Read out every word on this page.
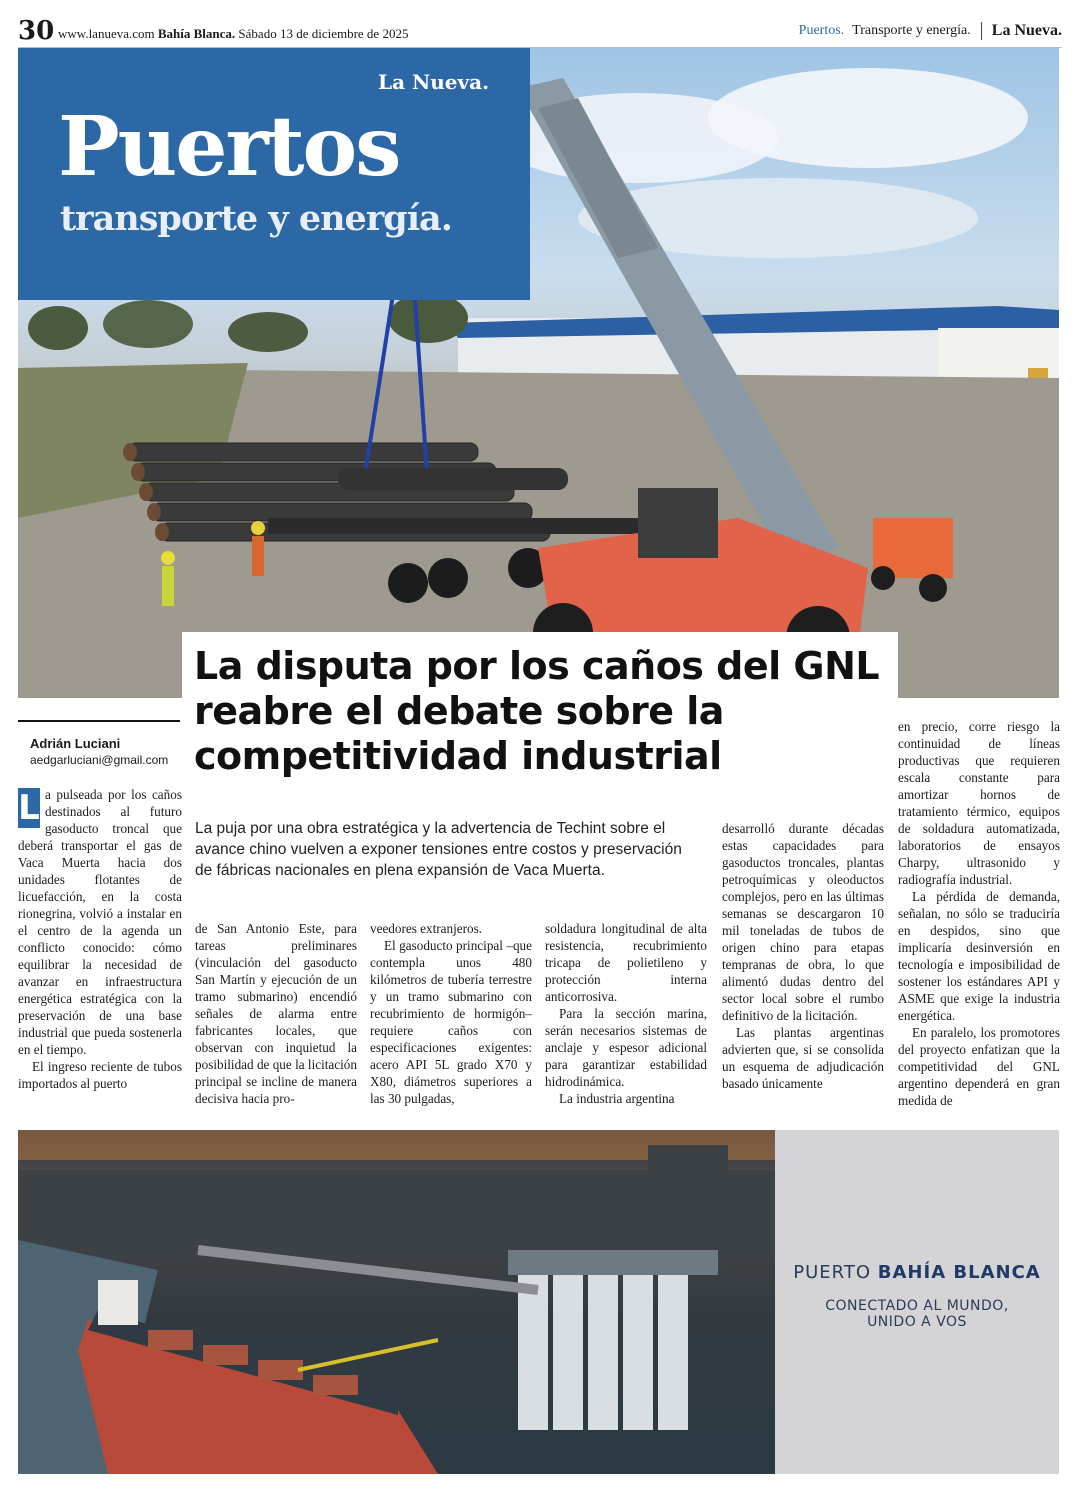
30 www.lanueva.com Bahía Blanca. Sábado 13 de diciembre de 2025	Puertos. Transporte y energía. La Nueva.
La Nueva.
Puertos
transporte y energía.
La disputa por los caños del GNL reabre el debate sobre la competitividad industrial
Adrián Luciani
aedgarluciani@gmail.com

La puja por una obra estratégica y la advertencia de Techint sobre el avance chino vuelven a exponer tensiones entre costos y preservación de fábricas nacionales en plena expansión de Vaca Muerta.

L a pulseada por los caños destinados al futuro gasoducto troncal que deberá transportar el gas de Vaca Muerta hacia dos unidades flotantes de licuefacción, en la costa rionegrina, volvió a instalar en el centro de la agenda un conflicto conocido: cómo equilibrar la necesidad de avanzar en infraestructura energética estratégica con la preservación de una base industrial que pueda sostenerla en el tiempo.

El ingreso reciente de tubos importados al puerto

de San Antonio Este, para tareas preliminares (vinculación del gasoducto San Martín y ejecución de un tramo submarino) encendió señales de alarma entre fabricantes locales, que observan con inquietud la posibilidad de que la licitación principal se incline de manera decisiva hacia pro-

veedores extranjeros.

El gasoducto principal –que contempla unos 480 kilómetros de tubería terrestre y un tramo submarino con recubrimiento de hormigón– requiere caños con especificaciones exigentes: acero API 5L grado X70 y X80, diámetros superiores a las 30 pulgadas,

soldadura longitudinal de alta resistencia, recubrimiento tricapa de polietileno y protección interna anticorrosiva.

Para la sección marina, serán necesarios sistemas de anclaje y espesor adicional para garantizar estabilidad hidrodinámica.

La industria argentina

desarrolló durante décadas estas capacidades para gasoductos troncales, plantas petroquímicas y oleoductos complejos, pero en las últimas semanas se descargaron 10 mil toneladas de tubos de origen chino para etapas tempranas de obra, lo que alimentó dudas dentro del sector local sobre el rumbo definitivo de la licitación.

Las plantas argentinas advierten que, si se consolida un esquema de adjudicación basado únicamente

en precio, corre riesgo la continuidad de líneas productivas que requieren escala constante para amortizar hornos de tratamiento térmico, equipos de soldadura automatizada, laboratorios de ensayos Charpy, ultrasonido y radiografía industrial.

La pérdida de demanda, señalan, no sólo se traduciría en despidos, sino que implicaría desinversión en tecnología e imposibilidad de sostener los estándares API y ASME que exige la industria energética.

En paralelo, los promotores del proyecto enfatizan que la competitividad del GNL argentino dependerá en gran medida de

PUERTO BAHÍA BLANCA
CONECTADO AL MUNDO,
UNIDO A VOS
